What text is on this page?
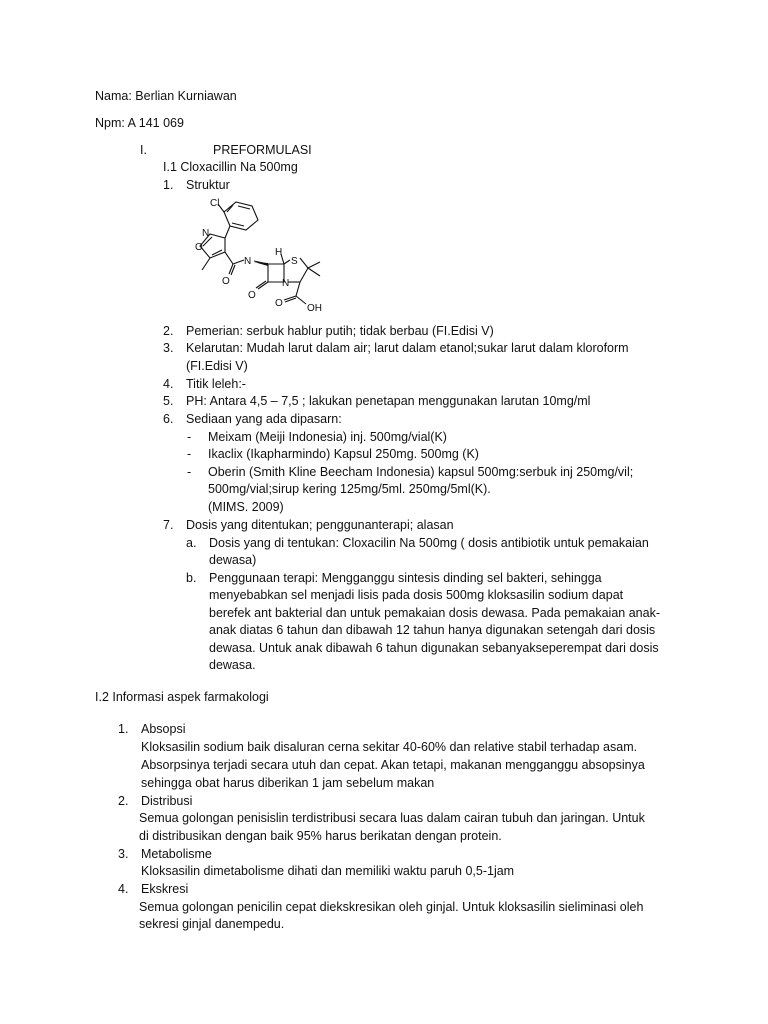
Nama: Berlian Kurniawan
Npm: A 141 069
I.	PREFORMULASI
I.1 Cloxacillin Na 500mg
1. Struktur
Cl
N
O	H
N	S
O
O
N
OH
O
2. Pemerian: serbuk hablur putih; tidak berbau (FI.Edisi V)
3. Kelarutan: Mudah larut dalam air; larut dalam etanol;sukar larut dalam kloroform
(FI.Edisi V)
4. Titik leleh:-
5. PH: Antara 4,5 – 7,5 ; lakukan penetapan menggunakan larutan 10mg/ml
6. Sediaan yang ada dipasarn:
- Meixam (Meiji Indonesia) inj. 500mg/vial(K)
- Ikaclix (Ikapharmindo) Kapsul 250mg. 500mg (K)
- Oberin (Smith Kline Beecham Indonesia) kapsul 500mg:serbuk inj 250mg/vil;
500mg/vial;sirup kering 125mg/5ml. 250mg/5ml(K).
(MIMS. 2009)
7. Dosis yang ditentukan; penggunanterapi; alasan
a. Dosis yang di tentukan: Cloxacilin Na 500mg ( dosis antibiotik untuk pemakaian
dewasa)
b. Penggunaan terapi: Mengganggu sintesis dinding sel bakteri, sehingga
menyebabkan sel menjadi lisis pada dosis 500mg kloksasilin sodium dapat
berefek ant bakterial dan untuk pemakaian dosis dewasa. Pada pemakaian anak-
anak diatas 6 tahun dan dibawah 12 tahun hanya digunakan setengah dari dosis
dewasa. Untuk anak dibawah 6 tahun digunakan sebanyakseperempat dari dosis
dewasa.
I.2 Informasi aspek farmakologi
1. Absopsi
Kloksasilin sodium baik disaluran cerna sekitar 40-60% dan relative stabil terhadap asam.
Absorpsinya terjadi secara utuh dan cepat. Akan tetapi, makanan mengganggu absopsinya
sehingga obat harus diberikan 1 jam sebelum makan
2. Distribusi
Semua golongan penisislin terdistribusi secara luas dalam cairan tubuh dan jaringan. Untuk
di distribusikan dengan baik 95% harus berikatan dengan protein.
3. Metabolisme
Kloksasilin dimetabolisme dihati dan memiliki waktu paruh 0,5-1jam
4. Ekskresi
Semua golongan penicilin cepat diekskresikan oleh ginjal. Untuk kloksasilin sieliminasi oleh
sekresi ginjal danempedu.
